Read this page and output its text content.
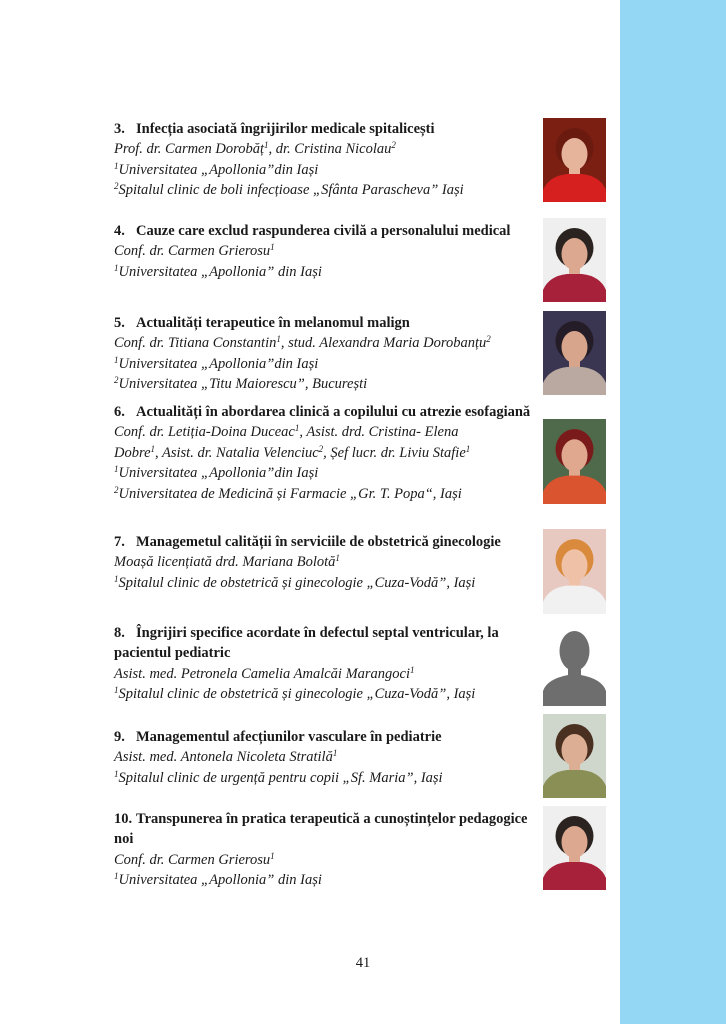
3. Infecția asociată îngrijirilor medicale spitalicești
Prof. dr. Carmen Dorobăț$^1$, dr. Cristina Nicolau$^2$
$^1$Universitatea „Apollonia”din Iași
$^2$Spitalul clinic de boli infecțioase „Sfânta Parascheva” Iași
4. Cauze care exclud raspunderea civilă a personalului medical
Conf. dr. Carmen Grierosu$^1$
$^1$Universitatea „Apollonia” din Iași
5. Actualități terapeutice în melanomul malign
Conf. dr. Titiana Constantin$^1$, stud. Alexandra Maria Dorobanțu$^2$
$^1$Universitatea „Apollonia”din Iași
$^2$Universitatea „Titu Maiorescu”, București
6. Actualități în abordarea clinică a copilului cu atrezie esofagiană
Conf. dr. Letiția-Doina Duceac$^1$, Asist. drd. Cristina- Elena
Dobre$^1$, Asist. dr. Natalia Velenciuc$^2$, Șef lucr. dr. Liviu Stafie$^1$
$^1$Universitatea „Apollonia”din Iași
$^2$Universitatea de Medicină și Farmacie „Gr. T. Popa“, Iași
7. Managemetul calității în serviciile de obstetrică ginecologie
Moașă licențiată drd. Mariana Bolotă$^1$
$^1$Spitalul clinic de obstetrică și ginecologie „Cuza-Vodă”, Iași
8. Îngrijiri specifice acordate în defectul septal ventricular, la pacientul pediatric
Asist. med. Petronela Camelia Amalcăi Marangoci$^1$
$^1$Spitalul clinic de obstetrică și ginecologie „Cuza-Vodă”, Iași
9. Managementul afecțiunilor vasculare în pediatrie
Asist. med. Antonela Nicoleta Stratilă$^1$
$^1$Spitalul clinic de urgență pentru copii „Sf. Maria”, Iași
10. Transpunerea în pratica terapeutică a cunoștințelor pedagogice noi
Conf. dr. Carmen Grierosu$^1$
$^1$Universitatea „Apollonia” din Iași
41
